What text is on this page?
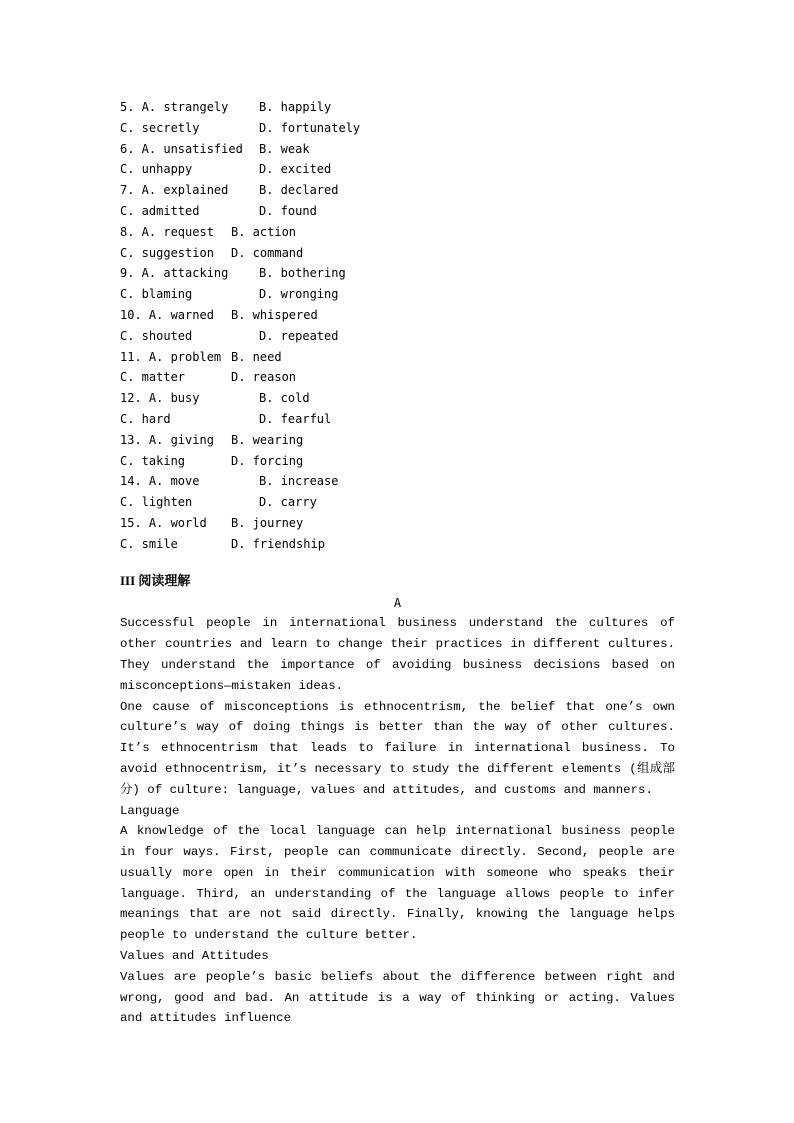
5. A. strangely	B. happily
C. secretly	D. fortunately
6. A. unsatisfied	B. weak
C. unhappy	D. excited
7. A. explained	B. declared
C. admitted	D. found
8. A. request	B. action
C. suggestion	D. command
9. A. attacking	B. bothering
C. blaming	D. wronging
10. A. warned	B. whispered
C. shouted	D. repeated
11. A. problem B. need
C. matter	D. reason
12. A. busy	B. cold
C. hard	D. fearful
13. A. giving	B. wearing
C. taking	D. forcing
14. A. move	B. increase
C. lighten	D. carry
15. A. world	B. journey
C. smile	D. friendship
III 阅读理解
A
Successful people in international business understand the cultures of other countries and learn to change their practices in different cultures. They understand the importance of avoiding business decisions based on misconceptions—mistaken ideas.
One cause of misconceptions is ethnocentrism, the belief that one’s own culture’s way of doing things is better than the way of other cultures. It’s ethnocentrism that leads to failure in international business. To avoid ethnocentrism, it’s necessary to study the different elements (组成部分) of culture: language, values and attitudes, and customs and manners.
Language
A knowledge of the local language can help international business people in four ways. First, people can communicate directly. Second, people are usually more open in their communication with someone who speaks their language. Third, an understanding of the language allows people to infer meanings that are not said directly. Finally, knowing the language helps people to understand the culture better.
Values and Attitudes
Values are people’s basic beliefs about the difference between right and wrong, good and bad. An attitude is a way of thinking or acting. Values and attitudes influence
